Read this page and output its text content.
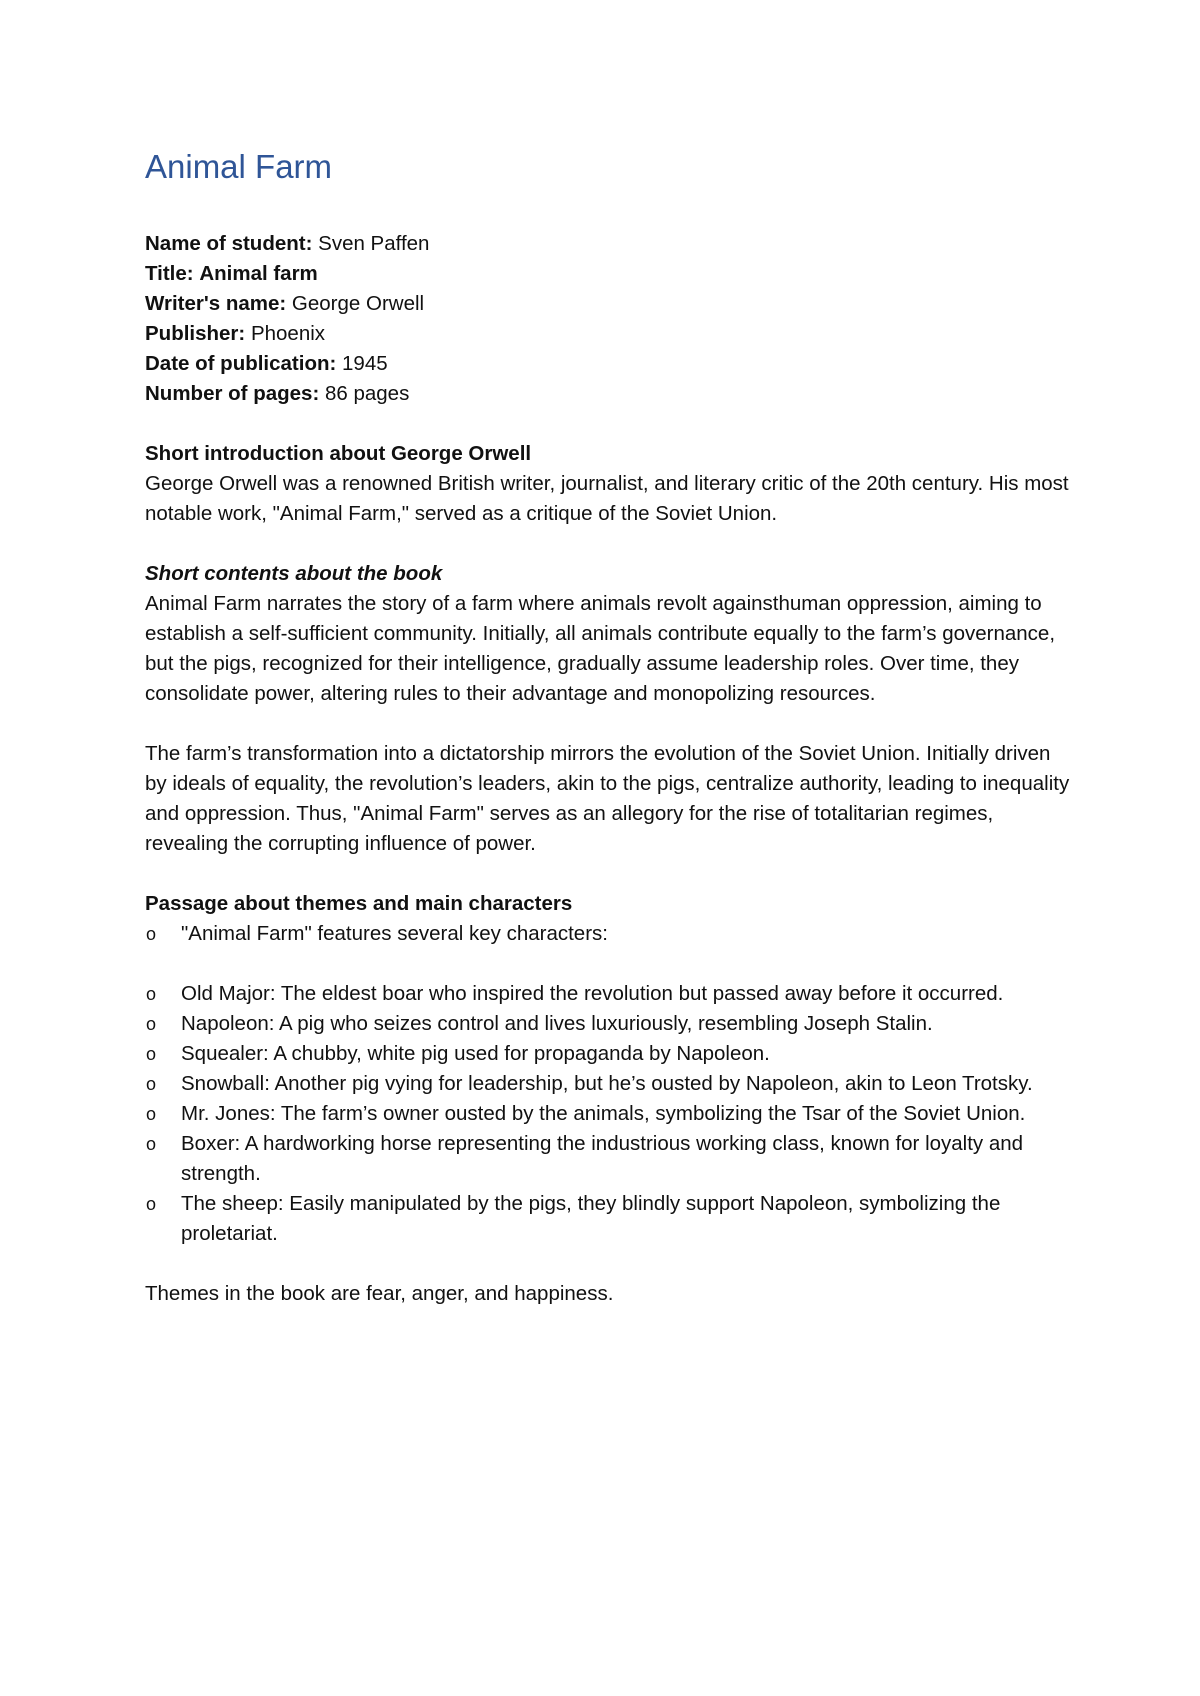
Animal Farm

Name of student: Sven Paffen

Title: Animal farm

Writer's name: George Orwell

Publisher: Phoenix

Date of publication: 1945

Number of pages: 86 pages

Short introduction about George Orwell

George Orwell was a renowned British writer, journalist, and literary critic of the 20th century. His most notable work, "Animal Farm," served as a critique of the Soviet Union.

Short contents about the book

Animal Farm narrates the story of a farm where animals revolt againsthuman oppression, aiming to establish a self-sufficient community. Initially, all animals contribute equally to the farm’s governance, but the pigs, recognized for their intelligence, gradually assume leadership roles. Over time, they consolidate power, altering rules to their advantage and monopolizing resources.

The farm’s transformation into a dictatorship mirrors the evolution of the Soviet Union. Initially driven by ideals of equality, the revolution’s leaders, akin to the pigs, centralize authority, leading to inequality and oppression. Thus, "Animal Farm" serves as an allegory for the rise of totalitarian regimes, revealing the corrupting influence of power.

Passage about themes and main characters

o "Animal Farm" features several key characters:
o Old Major: The eldest boar who inspired the revolution but passed away before it occurred.
o Napoleon: A pig who seizes control and lives luxuriously, resembling Joseph Stalin.
o Squealer: A chubby, white pig used for propaganda by Napoleon.
o Snowball: Another pig vying for leadership, but he’s ousted by Napoleon, akin to Leon Trotsky.
o Mr. Jones: The farm’s owner ousted by the animals, symbolizing the Tsar of the Soviet Union.
o Boxer: A hardworking horse representing the industrious working class, known for loyalty and strength.
o The sheep: Easily manipulated by the pigs, they blindly support Napoleon, symbolizing the proletariat.

Themes in the book are fear, anger, and happiness.
